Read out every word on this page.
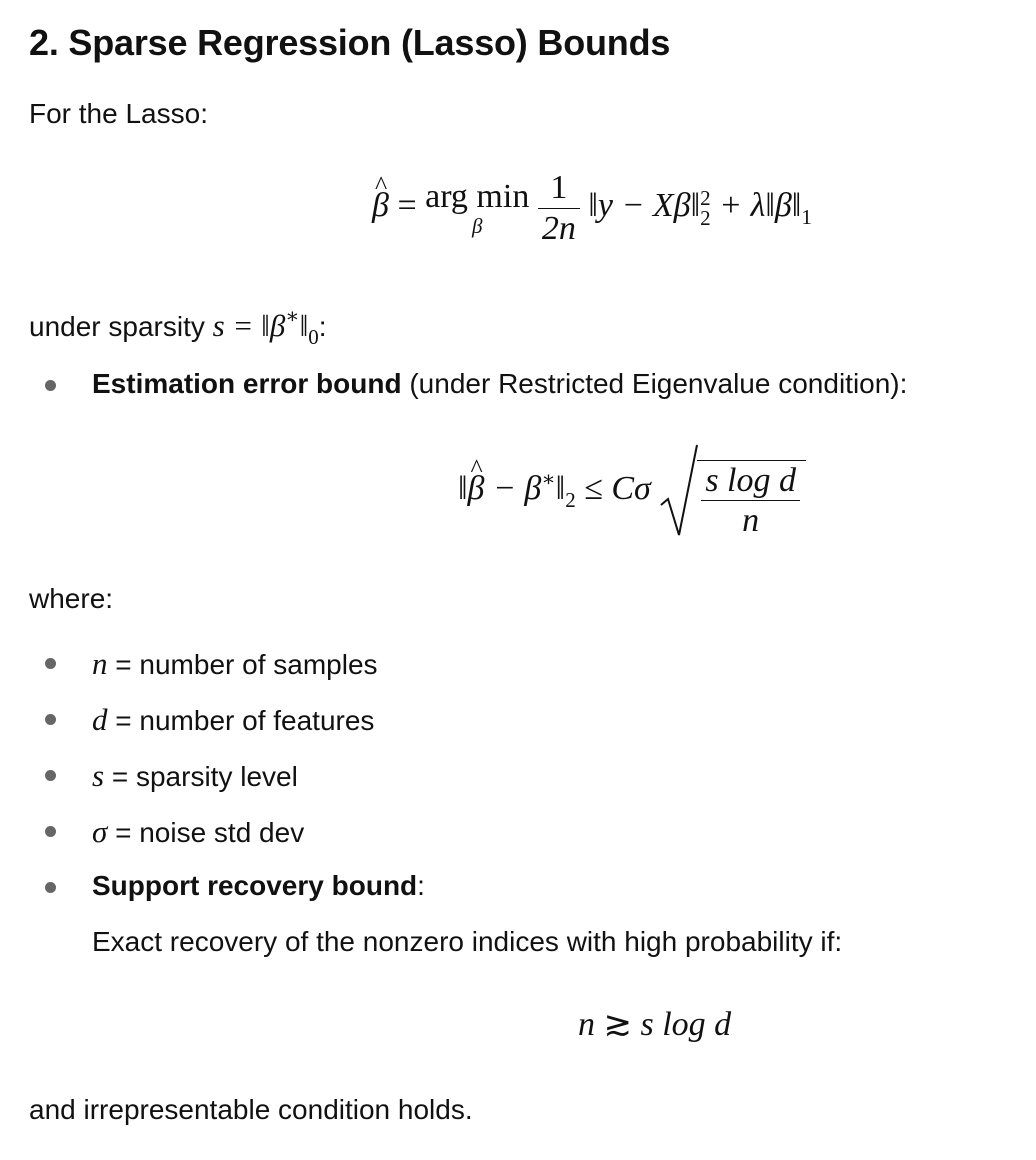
2. Sparse Regression (Lasso) Bounds
For the Lasso:
^ β = arg min
β
	$\frac{1}{2n}$ ‖y − Xβ‖ 2
$2 + \lambda‖\beta‖_1$
under sparsity $s = ‖\beta^∗‖_0$:
Estimation error bound (under Restricted Eigenvalue condition):
‖^ $\beta - \beta^∗‖_2 \le C\sigma \frac{\text{s log d}}{n}$
where:
n = number of samples
d = number of features
s = sparsity level
σ = noise std dev
Support recovery bound:
Exact recovery of the nonzero indices with high probability if:
n ≳ s log d
and irrepresentable condition holds.
